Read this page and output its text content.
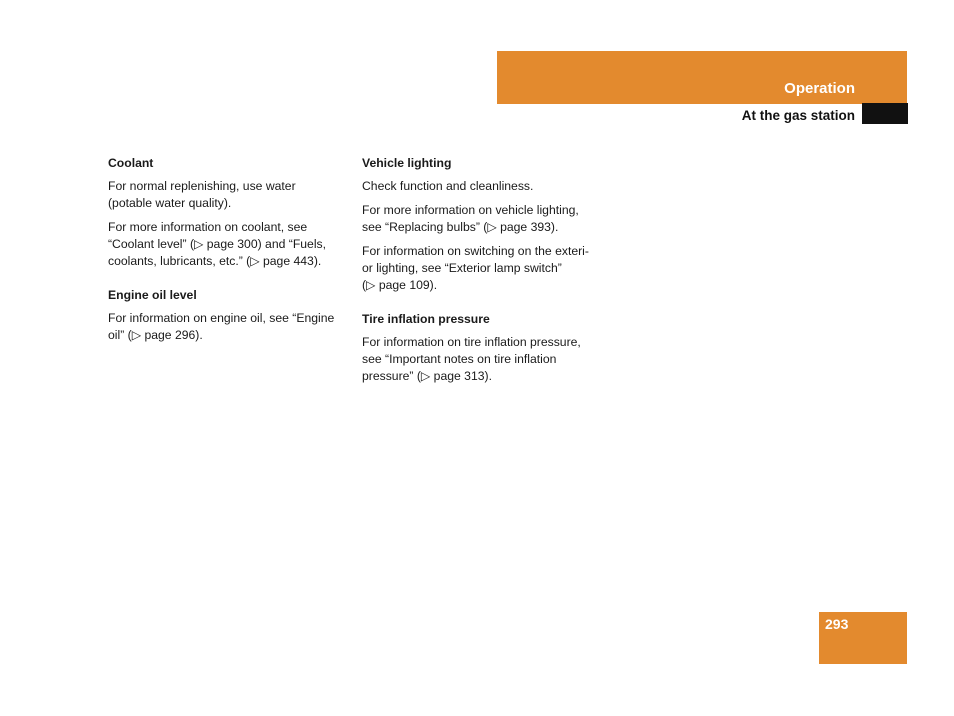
Operation
At the gas station

Coolant

For normal replenishing, use water
(potable water quality).

For more information on coolant, see
“Coolant level” (▷ page 300) and “Fuels,
coolants, lubricants, etc.” (▷ page 443).

Engine oil level

For information on engine oil, see “Engine
oil” (▷ page 296).

Vehicle lighting

Check function and cleanliness.

For more information on vehicle lighting,
see “Replacing bulbs” (▷ page 393).

For information on switching on the exteri-
or lighting, see “Exterior lamp switch”
(▷ page 109).

Tire inflation pressure

For information on tire inflation pressure,
see “Important notes on tire inflation
pressure” (▷ page 313).

293
